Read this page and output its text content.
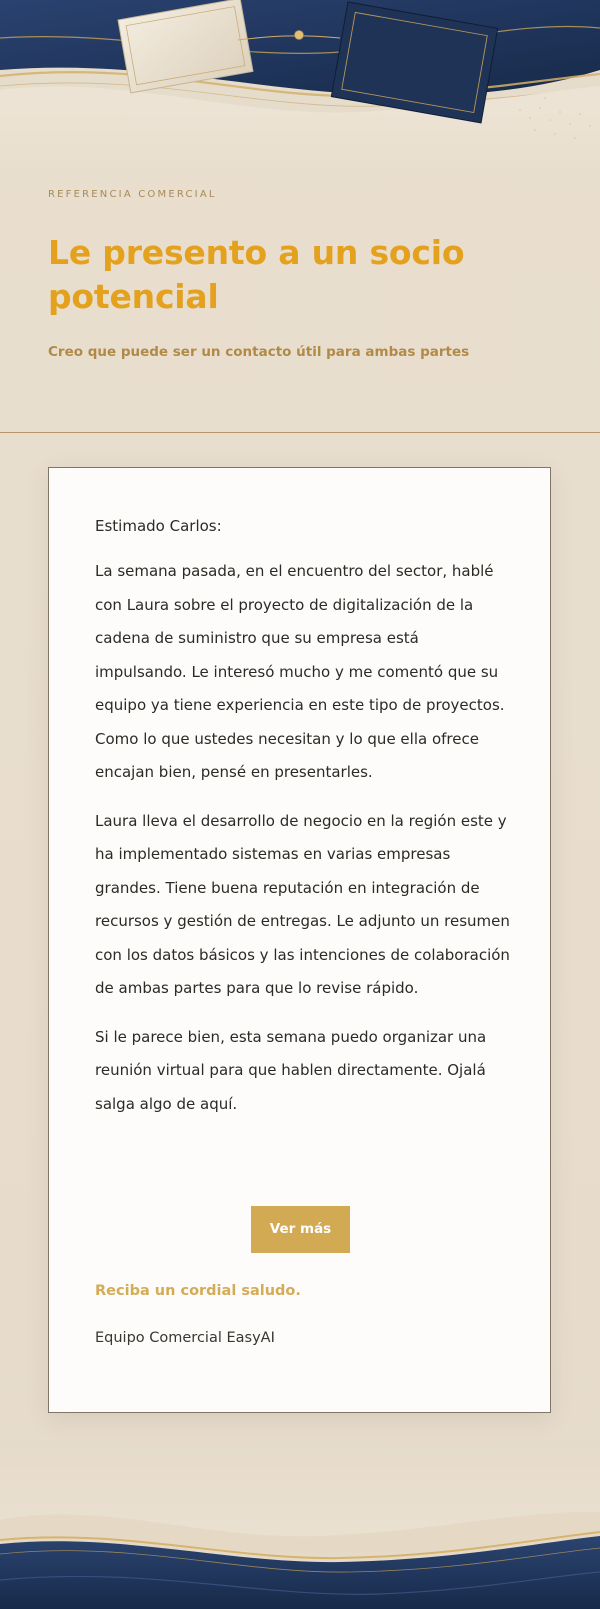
REFERENCIA COMERCIAL

Le presento a un socio potencial

Creo que puede ser un contacto útil para ambas partes

Estimado Carlos:

La semana pasada, en el encuentro del sector, hablé con Laura sobre el proyecto de digitalización de la cadena de suministro que su empresa está impulsando. Le interesó mucho y me comentó que su equipo ya tiene experiencia en este tipo de proyectos. Como lo que ustedes necesitan y lo que ella ofrece encajan bien, pensé en presentarles.

Laura lleva el desarrollo de negocio en la región este y ha implementado sistemas en varias empresas grandes. Tiene buena reputación en integración de recursos y gestión de entregas. Le adjunto un resumen con los datos básicos y las intenciones de colaboración de ambas partes para que lo revise rápido.

Si le parece bien, esta semana puedo organizar una reunión virtual para que hablen directamente. Ojalá salga algo de aquí.

Ver más

Reciba un cordial saludo.

Equipo Comercial EasyAI
